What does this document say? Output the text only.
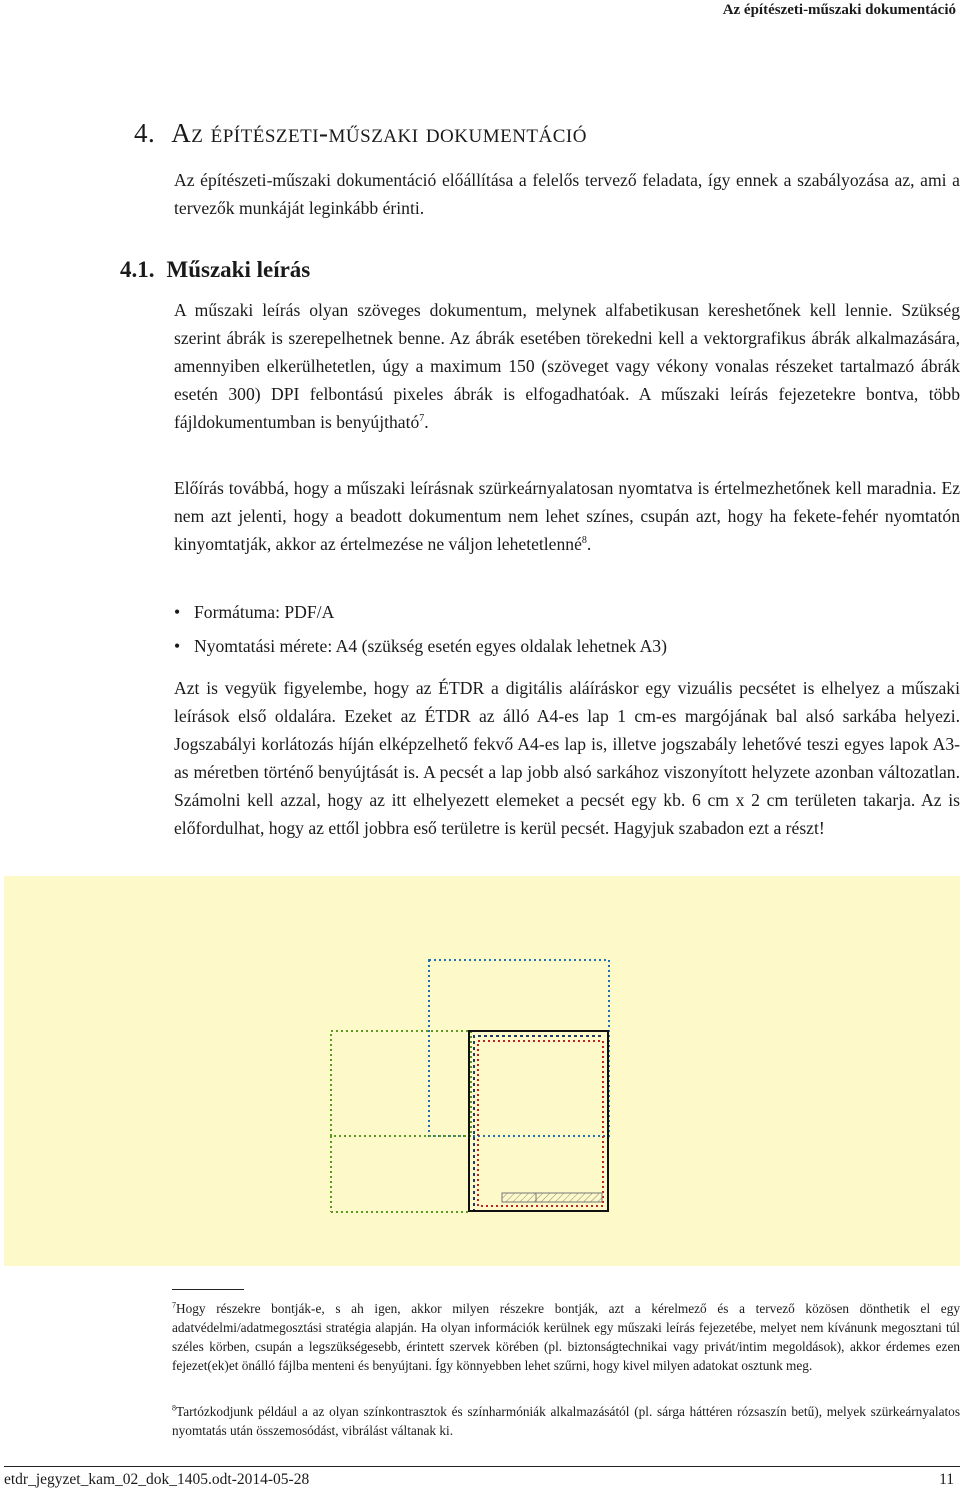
Az építészeti-műszaki dokumentáció
4. Az építészeti-műszaki dokumentáció
Az építészeti-műszaki dokumentáció előállítása a felelős tervező feladata, így ennek a szabályozása az, ami a tervezők munkáját leginkább érinti.
4.1. Műszaki leírás
A műszaki leírás olyan szöveges dokumentum, melynek alfabetikusan kereshetőnek kell lennie. Szükség szerint ábrák is szerepelhetnek benne. Az ábrák esetében törekedni kell a vektorgrafikus ábrák alkalmazására, amennyiben elkerülhetetlen, úgy a maximum 150 (szöveget vagy vékony vonalas részeket tartalmazó ábrák esetén 300) DPI felbontású pixeles ábrák is elfogadhatóak. A műszaki leírás fejezetekre bontva, több fájldokumentumban is benyújtható$^7$.
Előírás továbbá, hogy a műszaki leírásnak szürkeárnyalatosan nyomtatva is értelmezhetőnek kell maradnia. Ez nem azt jelenti, hogy a beadott dokumentum nem lehet színes, csupán azt, hogy ha fekete-fehér nyomtatón kinyomtatják, akkor az értelmezése ne váljon lehetetlenné$^8$.
• Formátuma: PDF/A
• Nyomtatási mérete: A4 (szükség esetén egyes oldalak lehetnek A3)
Azt is vegyük figyelembe, hogy az ÉTDR a digitális aláíráskor egy vizuális pecsétet is elhelyez a műszaki leírások első oldalára. Ezeket az ÉTDR az álló A4-es lap 1 cm-es margójának bal alsó sarkába helyezi. Jogszabályi korlátozás híján elképzelhető fekvő A4-es lap is, illetve jogszabály lehetővé teszi egyes lapok A3-as méretben történő benyújtását is. A pecsét a lap jobb alsó sarkához viszonyított helyzete azonban változatlan. Számolni kell azzal, hogy az itt elhelyezett elemeket a pecsét egy kb. 6 cm x 2 cm területen takarja. Az is előfordulhat, hogy az ettől jobbra eső területre is kerül pecsét. Hagyjuk szabadon ezt a részt!
$^7$Hogy részekre bontják-e, s ah igen, akkor milyen részekre bontják, azt a kérelmező és a tervező közösen dönthetik el egy adatvédelmi/adatmegosztási stratégia alapján. Ha olyan információk kerülnek egy műszaki leírás fejezetébe, melyet nem kívánunk megosztani túl széles körben, csupán a legszükségesebb, érintett szervek körében (pl. biztonságtechnikai vagy privát/intim megoldások), akkor érdemes ezen fejezet(ek)et önálló fájlba menteni és benyújtani. Így könnyebben lehet szűrni, hogy kivel milyen adatokat osztunk meg.
$^8$Tartózkodjunk például a az olyan színkontrasztok és színharmóniák alkalmazásától (pl. sárga háttéren rózsaszín betű), melyek szürkeárnyalatos nyomtatás után összemosódást, vibrálást váltanak ki.
etdr_jegyzet_kam_02_dok_1405.odt-2014-05-28	11
